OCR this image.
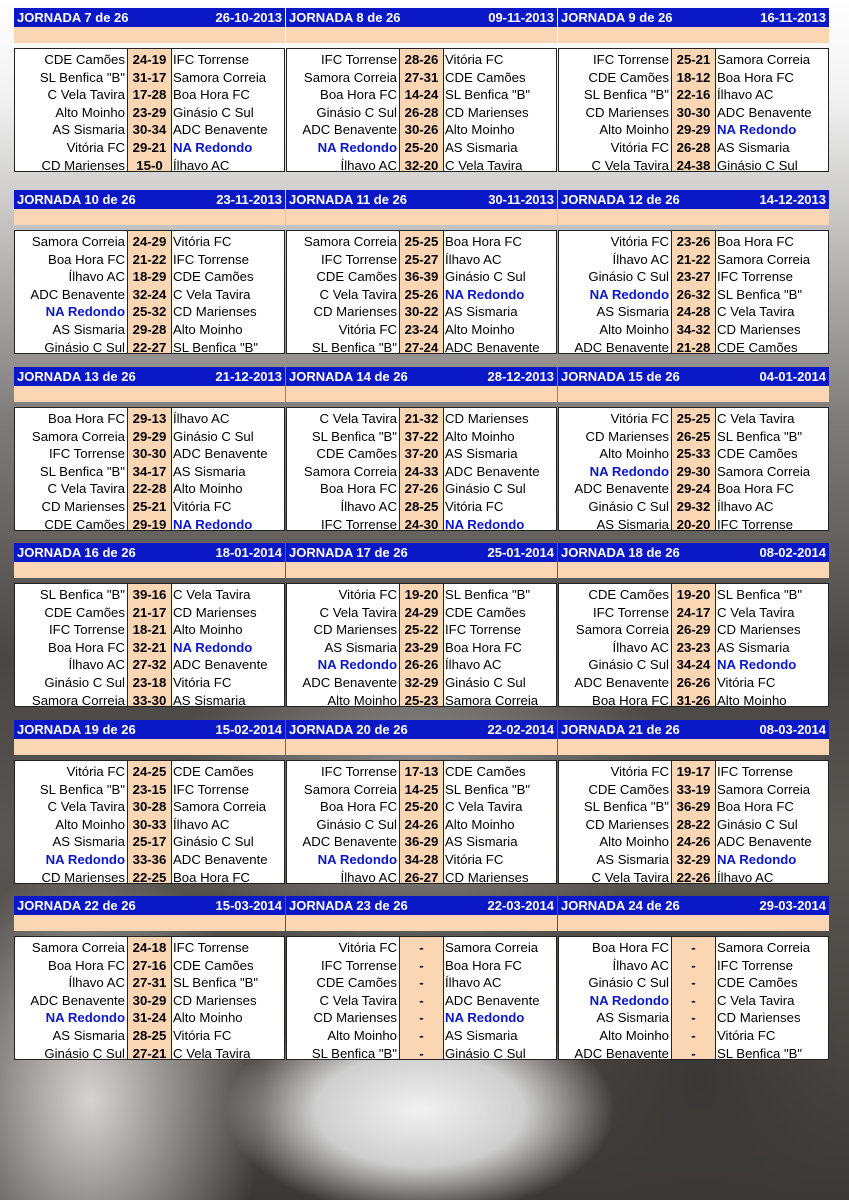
JORNADA 7 de 26	26-10-2013
CDE Camões 24-19 IFC Torrense
SL Benfica "B" 31-17 Samora Correia
C Vela Tavira 17-28 Boa Hora FC
Alto Moinho 23-29 Ginásio C Sul
AS Sismaria 30-34 ADC Benavente
Vitória FC 29-21 NA Redondo
CD Marienses 15-0 Ílhavo AC
JORNADA 8 de 26	09-11-2013
IFC Torrense 28-26 Vitória FC
Samora Correia 27-31 CDE Camões
Boa Hora FC 14-24 SL Benfica "B"
Ginásio C Sul 26-28 CD Marienses
ADC Benavente 30-26 Alto Moinho
NA Redondo 25-20 AS Sismaria
Ílhavo AC 32-20 C Vela Tavira
JORNADA 9 de 26	16-11-2013
IFC Torrense 25-21 Samora Correia
CDE Camões 18-12 Boa Hora FC
SL Benfica "B" 22-16 Ílhavo AC
CD Marienses 30-30 ADC Benavente
Alto Moinho 29-29 NA Redondo
Vitória FC 26-28 AS Sismaria
C Vela Tavira 24-38 Ginásio C Sul
JORNADA 10 de 26	23-11-2013
Samora Correia 24-29 Vitória FC
Boa Hora FC 21-22 IFC Torrense
Ílhavo AC 18-29 CDE Camões
ADC Benavente 32-24 C Vela Tavira
NA Redondo 25-32 CD Marienses
AS Sismaria 29-28 Alto Moinho
Ginásio C Sul 22-27 SL Benfica "B"
JORNADA 11 de 26	30-11-2013
Samora Correia 25-25 Boa Hora FC
IFC Torrense 25-27 Ílhavo AC
CDE Camões 36-39 Ginásio C Sul
C Vela Tavira 25-26 NA Redondo
CD Marienses 30-22 AS Sismaria
Vitória FC 23-24 Alto Moinho
SL Benfica "B" 27-24 ADC Benavente
JORNADA 12 de 26	14-12-2013
Vitória FC 23-26 Boa Hora FC
Ílhavo AC 21-22 Samora Correia
Ginásio C Sul 23-27 IFC Torrense
NA Redondo 26-32 SL Benfica "B"
AS Sismaria 24-28 C Vela Tavira
Alto Moinho 34-32 CD Marienses
ADC Benavente 21-28 CDE Camões
JORNADA 13 de 26	21-12-2013
Boa Hora FC 29-13 Ílhavo AC
Samora Correia 29-29 Ginásio C Sul
IFC Torrense 30-30 ADC Benavente
SL Benfica "B" 34-17 AS Sismaria
C Vela Tavira 22-28 Alto Moinho
CD Marienses 25-21 Vitória FC
CDE Camões 29-19 NA Redondo
JORNADA 14 de 26	28-12-2013
C Vela Tavira 21-32 CD Marienses
SL Benfica "B" 37-22 Alto Moinho
CDE Camões 37-20 AS Sismaria
Samora Correia 24-33 ADC Benavente
Boa Hora FC 27-26 Ginásio C Sul
Ílhavo AC 28-25 Vitória FC
IFC Torrense 24-30 NA Redondo
JORNADA 15 de 26	04-01-2014
Vitória FC 25-25 C Vela Tavira
CD Marienses 26-25 SL Benfica "B"
Alto Moinho 25-33 CDE Camões
NA Redondo 29-30 Samora Correia
ADC Benavente 29-24 Boa Hora FC
Ginásio C Sul 29-32 Ílhavo AC
AS Sismaria 20-20 IFC Torrense
JORNADA 16 de 26	18-01-2014
SL Benfica "B" 39-16 C Vela Tavira
CDE Camões 21-17 CD Marienses
IFC Torrense 18-21 Alto Moinho
Boa Hora FC 32-21 NA Redondo
Ílhavo AC 27-32 ADC Benavente
Ginásio C Sul 23-18 Vitória FC
Samora Correia 33-30 AS Sismaria
JORNADA 17 de 26	25-01-2014
Vitória FC 19-20 SL Benfica "B"
C Vela Tavira 24-29 CDE Camões
CD Marienses 25-22 IFC Torrense
AS Sismaria 23-29 Boa Hora FC
NA Redondo 26-26 Ílhavo AC
ADC Benavente 32-29 Ginásio C Sul
Alto Moinho 25-23 Samora Correia
JORNADA 18 de 26	08-02-2014
CDE Camões 19-20 SL Benfica "B"
IFC Torrense 24-17 C Vela Tavira
Samora Correia 26-29 CD Marienses
Ílhavo AC 23-23 AS Sismaria
Ginásio C Sul 34-24 NA Redondo
ADC Benavente 26-26 Vitória FC
Boa Hora FC 31-26 Alto Moinho
JORNADA 19 de 26	15-02-2014
Vitória FC 24-25 CDE Camões
SL Benfica "B" 23-15 IFC Torrense
C Vela Tavira 30-28 Samora Correia
Alto Moinho 30-33 Ílhavo AC
AS Sismaria 25-17 Ginásio C Sul
NA Redondo 33-36 ADC Benavente
CD Marienses 22-25 Boa Hora FC
JORNADA 20 de 26	22-02-2014
IFC Torrense 17-13 CDE Camões
Samora Correia 14-25 SL Benfica "B"
Boa Hora FC 25-20 C Vela Tavira
Ginásio C Sul 24-26 Alto Moinho
ADC Benavente 36-29 AS Sismaria
NA Redondo 34-28 Vitória FC
Ílhavo AC 26-27 CD Marienses
JORNADA 21 de 26	08-03-2014
Vitória FC 19-17 IFC Torrense
CDE Camões 33-19 Samora Correia
SL Benfica "B" 36-29 Boa Hora FC
CD Marienses 28-22 Ginásio C Sul
Alto Moinho 24-26 ADC Benavente
AS Sismaria 32-29 NA Redondo
C Vela Tavira 22-26 Ílhavo AC
JORNADA 22 de 26	15-03-2014
Samora Correia 24-18 IFC Torrense
Boa Hora FC 27-16 CDE Camões
Ílhavo AC 27-31 SL Benfica "B"
ADC Benavente 30-29 CD Marienses
NA Redondo 31-24 Alto Moinho
AS Sismaria 28-25 Vitória FC
Ginásio C Sul 27-21 C Vela Tavira
JORNADA 23 de 26	22-03-2014
Vitória FC	-	Samora Correia
IFC Torrense	-	Boa Hora FC
CDE Camões	-	Ílhavo AC
C Vela Tavira	-	ADC Benavente
CD Marienses	-	NA Redondo
Alto Moinho	-	AS Sismaria
SL Benfica "B"	-	Ginásio C Sul
JORNADA 24 de 26	29-03-2014
Boa Hora FC	-	Samora Correia
Ílhavo AC	-	IFC Torrense
Ginásio C Sul	-	CDE Camões
NA Redondo	-	C Vela Tavira
AS Sismaria	-	CD Marienses
Alto Moinho	-	Vitória FC
ADC Benavente	-	SL Benfica "B"
